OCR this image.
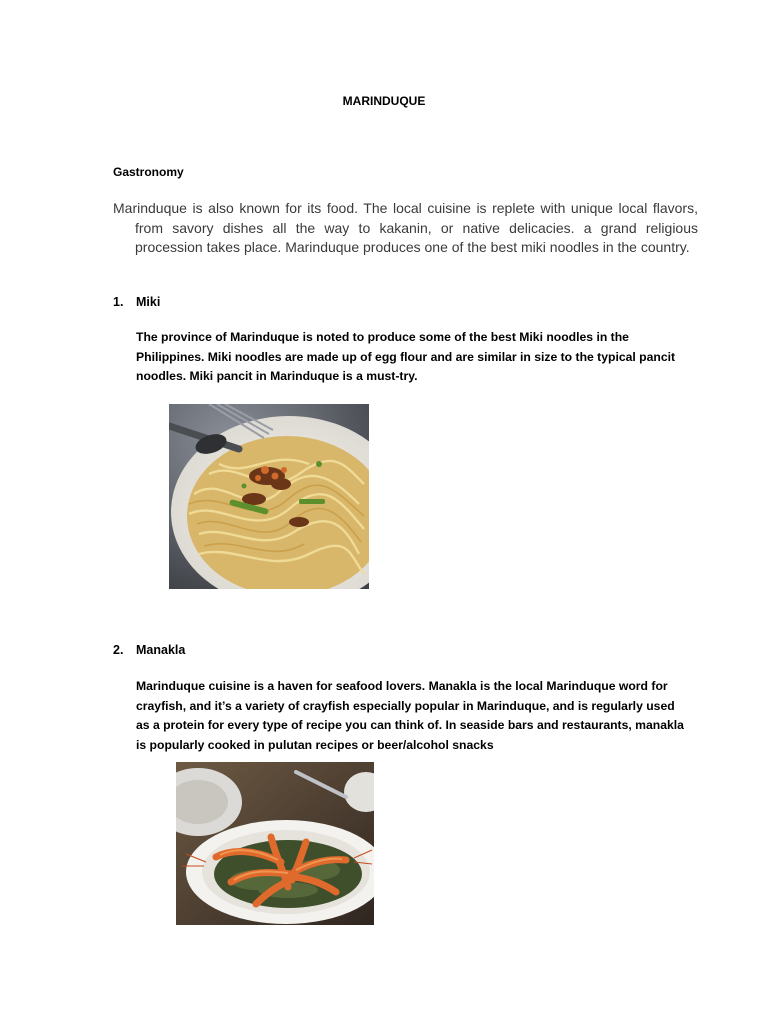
MARINDUQUE
Gastronomy

Marinduque is also known for its food. The local cuisine is replete with unique local flavors, from savory dishes all the way to kakanin, or native delicacies. a grand religious procession takes place. Marinduque produces one of the best miki noodles in the country.

1. Miki

The province of Marinduque is noted to produce some of the best Miki noodles in the Philippines. Miki noodles are made up of egg flour and are similar in size to the typical pancit noodles. Miki pancit in Marinduque is a must-try.

2. Manakla

Marinduque cuisine is a haven for seafood lovers. Manakla is the local Marinduque word for crayfish, and it’s a variety of crayfish especially popular in Marinduque, and is regularly used as a protein for every type of recipe you can think of. In seaside bars and restaurants, manakla is popularly cooked in pulutan recipes or beer/alcohol snacks
